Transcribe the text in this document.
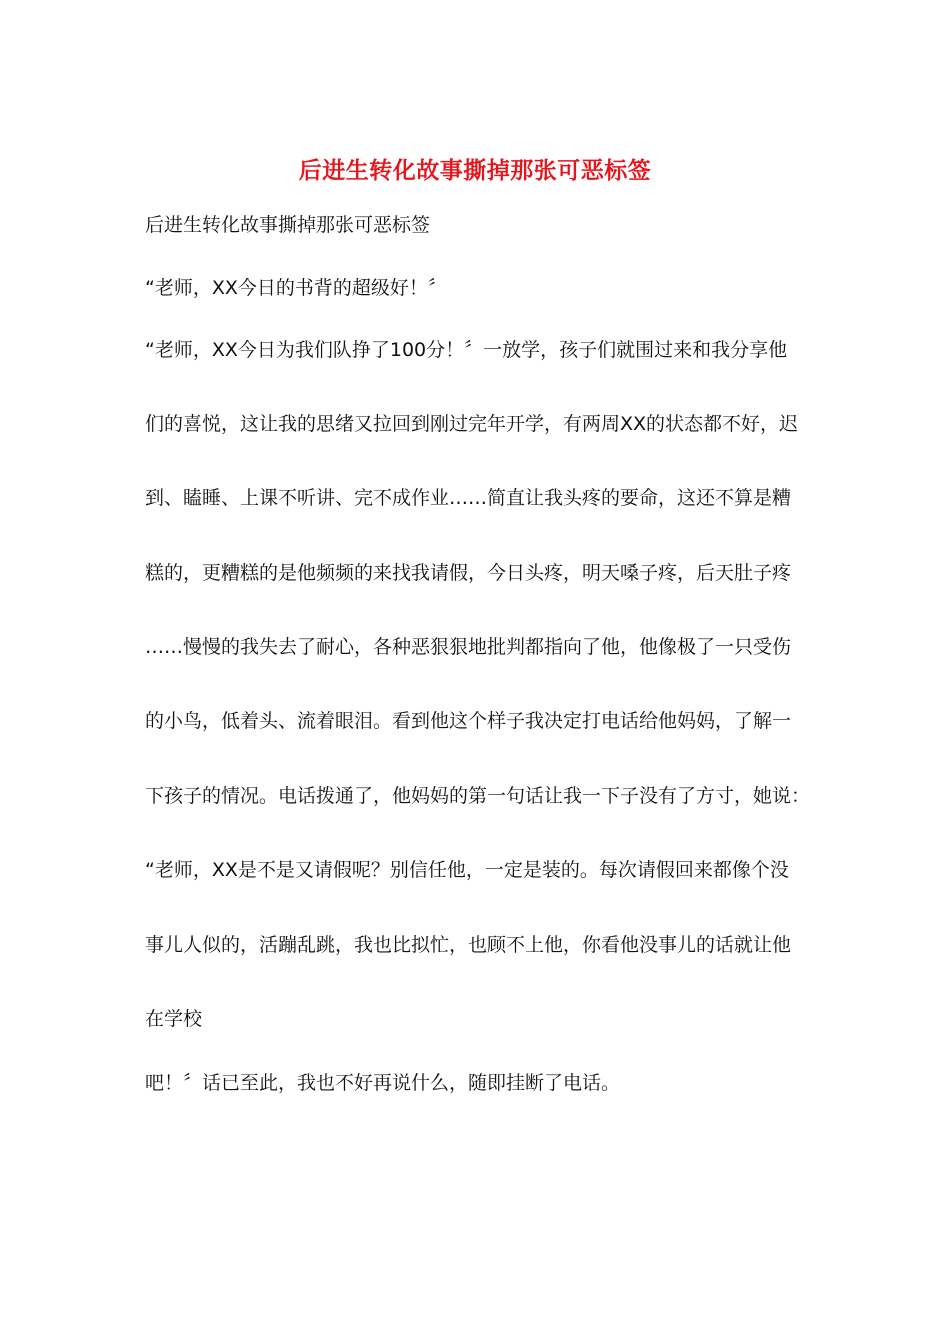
后进生转化故事撕掉那张可恶标签

后进生转化故事撕掉那张可恶标签

“老师，XX今日的书背的超级好！〞

“老师，XX今日为我们队挣了100分！〞一放学，孩子们就围过来和我分享他

们的喜悦，这让我的思绪又拉回到刚过完年开学，有两周XX的状态都不好，迟

到、瞌睡、上课不听讲、完不成作业……简直让我头疼的要命，这还不算是糟

糕的，更糟糕的是他频频的来找我请假，今日头疼，明天嗓子疼，后天肚子疼

……慢慢的我失去了耐心，各种恶狠狠地批判都指向了他，他像极了一只受伤

的小鸟，低着头、流着眼泪。看到他这个样子我决定打电话给他妈妈，了解一

下孩子的情况。电话拨通了，他妈妈的第一句话让我一下子没有了方寸，她说：

“老师，XX是不是又请假呢？别信任他，一定是装的。每次请假回来都像个没

事儿人似的，活蹦乱跳，我也比拟忙，也顾不上他，你看他没事儿的话就让他

在学校

吧！〞话已至此，我也不好再说什么，随即挂断了电话。
